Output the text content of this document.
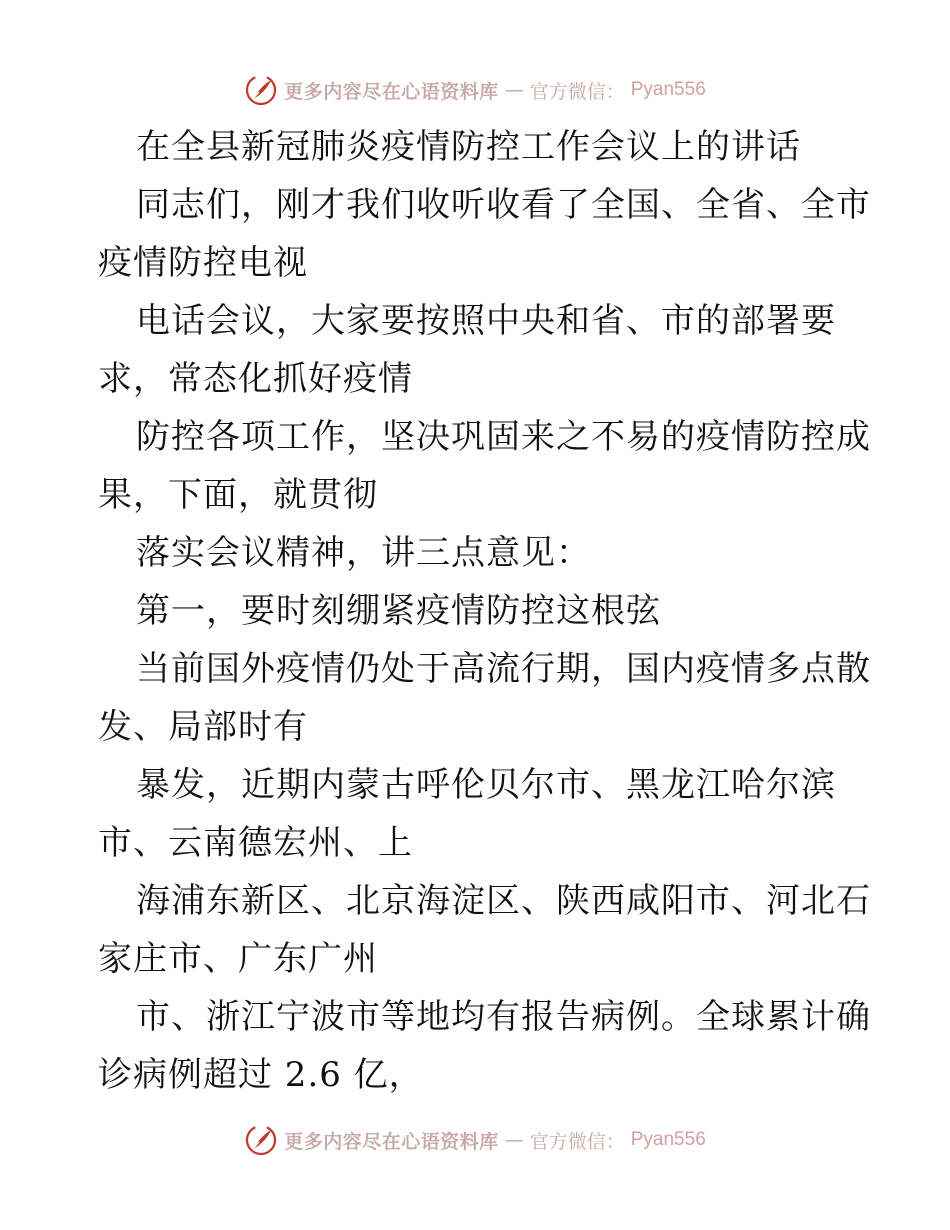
更多内容尽在心语资料库 — 官方微信： Pyan556
在全县新冠肺炎疫情防控工作会议上的讲话
同志们，刚才我们收听收看了全国、全省、全市
疫情防控电视
电话会议，大家要按照中央和省、市的部署要
求，常态化抓好疫情
防控各项工作，坚决巩固来之不易的疫情防控成
果，下面，就贯彻
落实会议精神，讲三点意见：
第一，要时刻绷紧疫情防控这根弦
当前国外疫情仍处于高流行期，国内疫情多点散
发、局部时有
暴发，近期内蒙古呼伦贝尔市、黑龙江哈尔滨
市、云南德宏州、上
海浦东新区、北京海淀区、陕西咸阳市、河北石
家庄市、广东广州
市、浙江宁波市等地均有报告病例。全球累计确
诊病例超过 2.6 亿，
更多内容尽在心语资料库 — 官方微信： Pyan556
